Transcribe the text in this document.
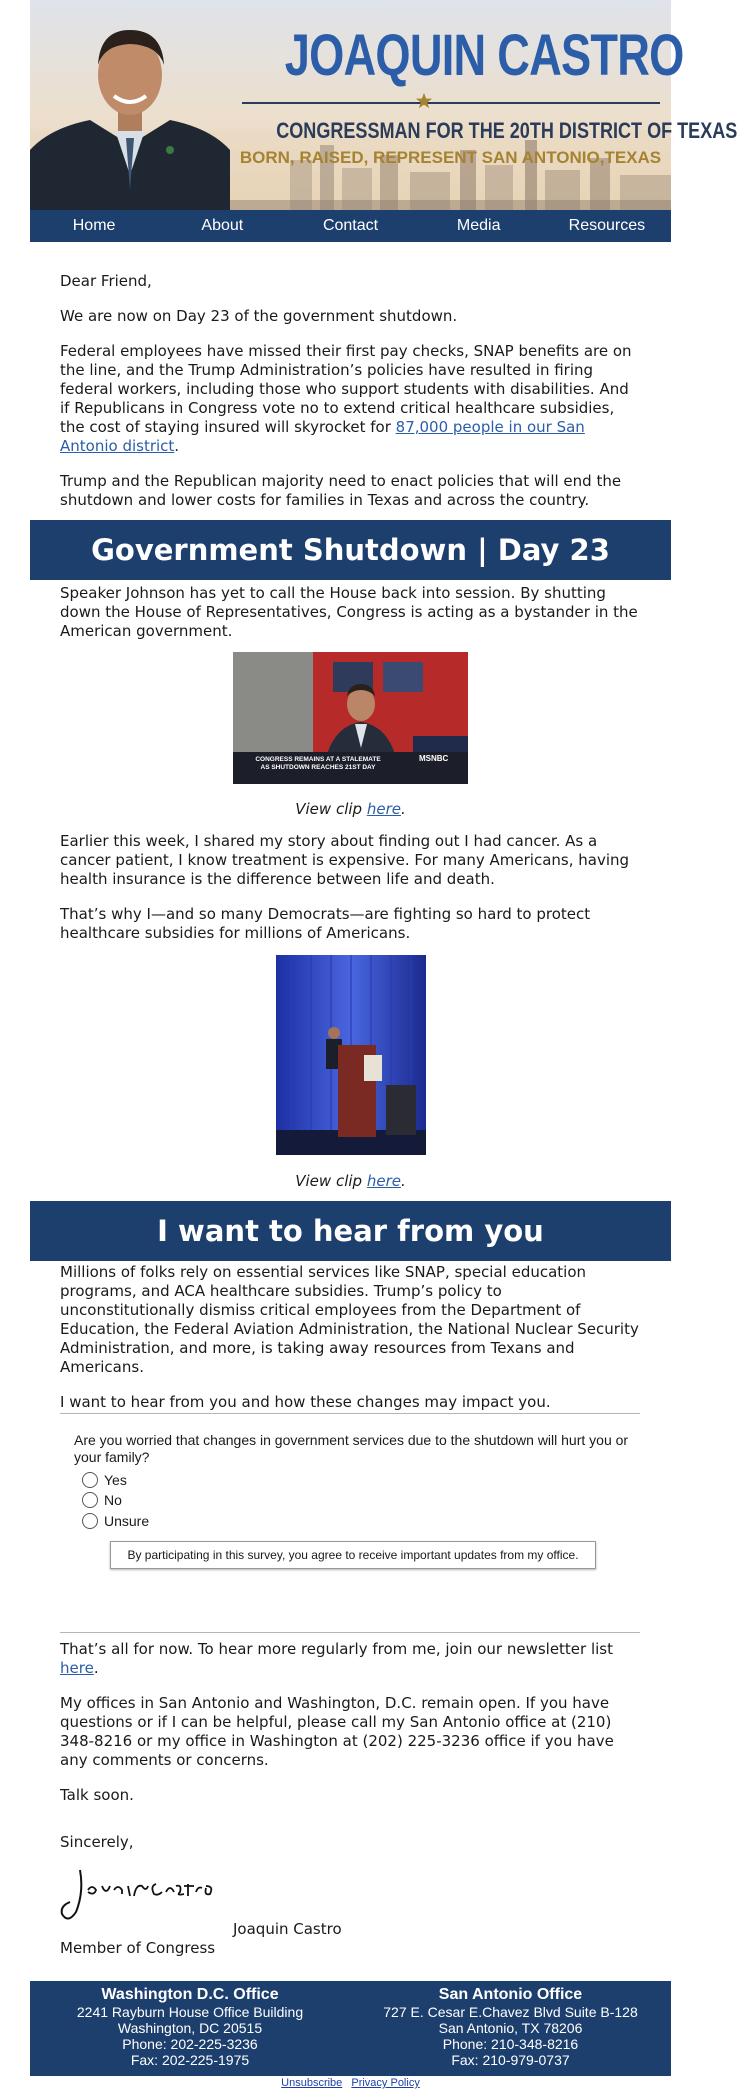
JOAQUIN CASTRO
CONGRESSMAN FOR THE 20TH DISTRICT OF TEXAS
BORN, RAISED, REPRESENT SAN ANTONIO,TEXAS
Home	About	Contact	Media	Resources

Dear Friend,

We are now on Day 23 of the government shutdown.

Federal employees have missed their first pay checks, SNAP benefits are on the line, and the Trump Administration’s policies have resulted in firing federal workers, including those who support students with disabilities. And if Republicans in Congress vote no to extend critical healthcare subsidies, the cost of staying insured will skyrocket for 87,000 people in our San Antonio district.

Trump and the Republican majority need to enact policies that will end the shutdown and lower costs for families in Texas and across the country.

Government Shutdown | Day 23
Speaker Johnson has yet to call the House back into session. By shutting down the House of Representatives, Congress is acting as a bystander in the American government.
CONGRESS REMAINS AT A STALEMATE
AS SHUTDOWN REACHES 21ST DAY
MSNBC
View clip here.

Earlier this week, I shared my story about finding out I had cancer. As a cancer patient, I know treatment is expensive. For many Americans, having health insurance is the difference between life and death.

That’s why I—and so many Democrats—are fighting so hard to protect healthcare subsidies for millions of Americans.

View clip here.
I want to hear from you

Millions of folks rely on essential services like SNAP, special education programs, and ACA healthcare subsidies. Trump’s policy to unconstitutionally dismiss critical employees from the Department of Education, the Federal Aviation Administration, the National Nuclear Security Administration, and more, is taking away resources from Texans and Americans.

I want to hear from you and how these changes may impact you.

Are you worried that changes in government services due to the shutdown will hurt you or your family?
Yes
No
Unsure
By participating in this survey, you agree to receive important updates from my office.

That’s all for now. To hear more regularly from me, join our newsletter list here.

My offices in San Antonio and Washington, D.C. remain open. If you have questions or if I can be helpful, please call my San Antonio office at (210) 348-8216 or my office in Washington at (202) 225-3236 office if you have any comments or concerns.

Talk soon.

Sincerely,

Joaquin Castro
Member of Congress
Washington D.C. Office
2241 Rayburn House Office Building
Washington, DC 20515
Phone: 202-225-3236
Fax: 202-225-1975
San Antonio Office
727 E. Cesar E.Chavez Blvd Suite B-128
San Antonio, TX 78206
Phone: 210-348-8216
Fax: 210-979-0737
Unsubscribe Privacy Policy
